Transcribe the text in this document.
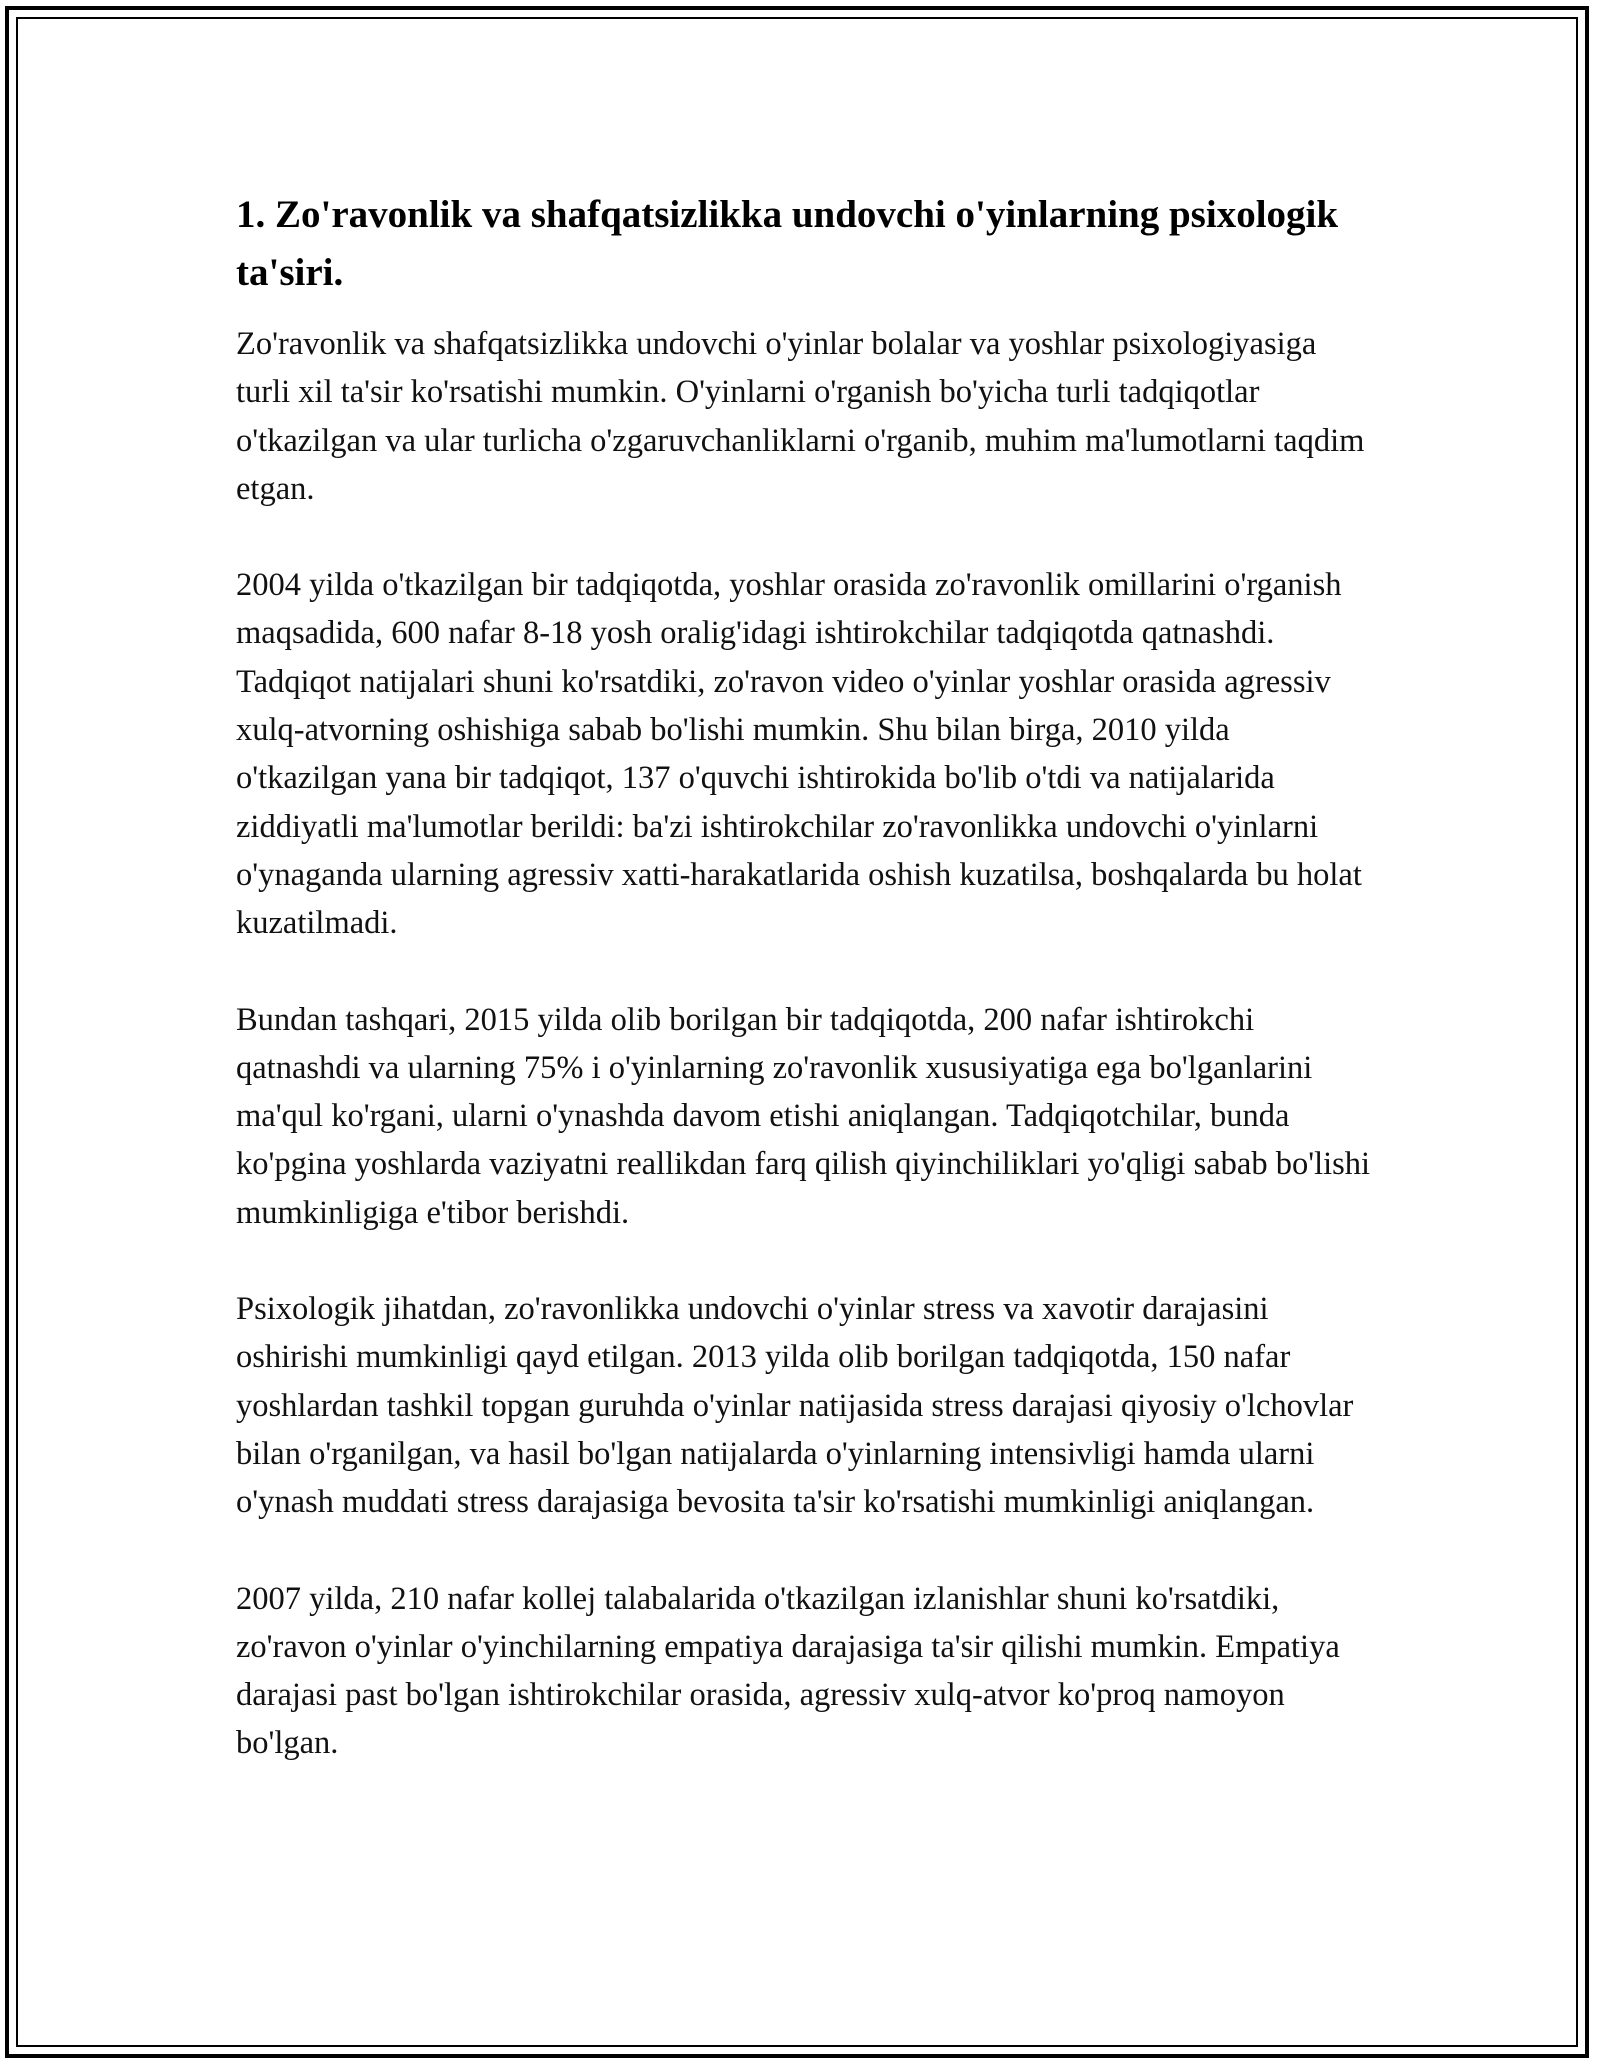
1. Zo'ravonlik va shafqatsizlikka undovchi o'yinlarning psixologik ta'siri.

Zo'ravonlik va shafqatsizlikka undovchi o'yinlar bolalar va yoshlar psixologiyasiga turli xil ta'sir ko'rsatishi mumkin. O'yinlarni o'rganish bo'yicha turli tadqiqotlar o'tkazilgan va ular turlicha o'zgaruvchanliklarni o'rganib, muhim ma'lumotlarni taqdim etgan.

2004 yilda o'tkazilgan bir tadqiqotda, yoshlar orasida zo'ravonlik omillarini o'rganish maqsadida, 600 nafar 8-18 yosh oralig'idagi ishtirokchilar tadqiqotda qatnashdi. Tadqiqot natijalari shuni ko'rsatdiki, zo'ravon video o'yinlar yoshlar orasida agressiv xulq-atvorning oshishiga sabab bo'lishi mumkin. Shu bilan birga, 2010 yilda o'tkazilgan yana bir tadqiqot, 137 o'quvchi ishtirokida bo'lib o'tdi va natijalarida ziddiyatli ma'lumotlar berildi: ba'zi ishtirokchilar zo'ravonlikka undovchi o'yinlarni o'ynaganda ularning agressiv xatti-harakatlarida oshish kuzatilsa, boshqalarda bu holat kuzatilmadi.

Bundan tashqari, 2015 yilda olib borilgan bir tadqiqotda, 200 nafar ishtirokchi qatnashdi va ularning 75% i o'yinlarning zo'ravonlik xususiyatiga ega bo'lganlarini ma'qul ko'rgani, ularni o'ynashda davom etishi aniqlangan. Tadqiqotchilar, bunda ko'pgina yoshlarda vaziyatni reallikdan farq qilish qiyinchiliklari yo'qligi sabab bo'lishi mumkinligiga e'tibor berishdi.

Psixologik jihatdan, zo'ravonlikka undovchi o'yinlar stress va xavotir darajasini oshirishi mumkinligi qayd etilgan. 2013 yilda olib borilgan tadqiqotda, 150 nafar yoshlardan tashkil topgan guruhda o'yinlar natijasida stress darajasi qiyosiy o'lchovlar bilan o'rganilgan, va hasil bo'lgan natijalarda o'yinlarning intensivligi hamda ularni o'ynash muddati stress darajasiga bevosita ta'sir ko'rsatishi mumkinligi aniqlangan.

2007 yilda, 210 nafar kollej talabalarida o'tkazilgan izlanishlar shuni ko'rsatdiki, zo'ravon o'yinlar o'yinchilarning empatiya darajasiga ta'sir qilishi mumkin. Empatiya darajasi past bo'lgan ishtirokchilar orasida, agressiv xulq-atvor ko'proq namoyon bo'lgan.
